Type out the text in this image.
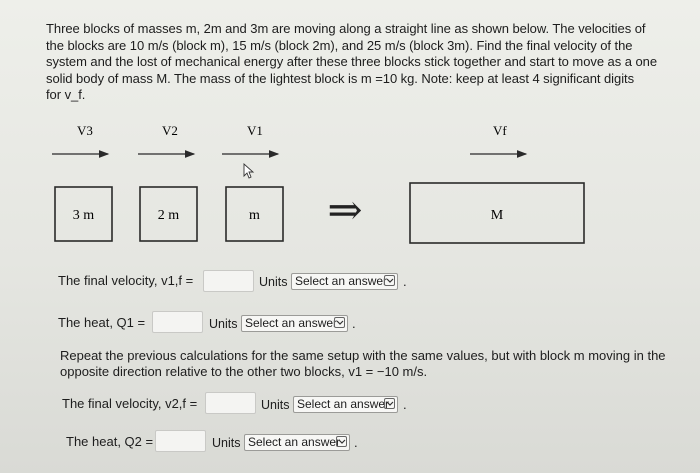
Three blocks of masses m, 2m and 3m are moving along a straight line as shown below. The velocities of
the blocks are 10 m/s (block m), 15 m/s (block 2m), and 25 m/s (block 3m). Find the final velocity of the
system and the lost of mechanical energy after these three blocks stick together and start to move as a one
solid body of mass M. The mass of the lightest block is m =10 kg. Note: keep at least 4 significant digits
for v_f.
V3	V2	V1	Vf
3 m	2 m	m	M
⇒
The final velocity, v1,f =	Units Select an answer	.
The heat, Q1 =	Units Select an answer	.
Repeat the previous calculations for the same setup with the same values, but with block m moving in the
opposite direction relative to the other two blocks, v1 = −10 m/s.
The final velocity, v2,f =	Units Select an answer	.
The heat, Q2 =	Units Select an answer	.
